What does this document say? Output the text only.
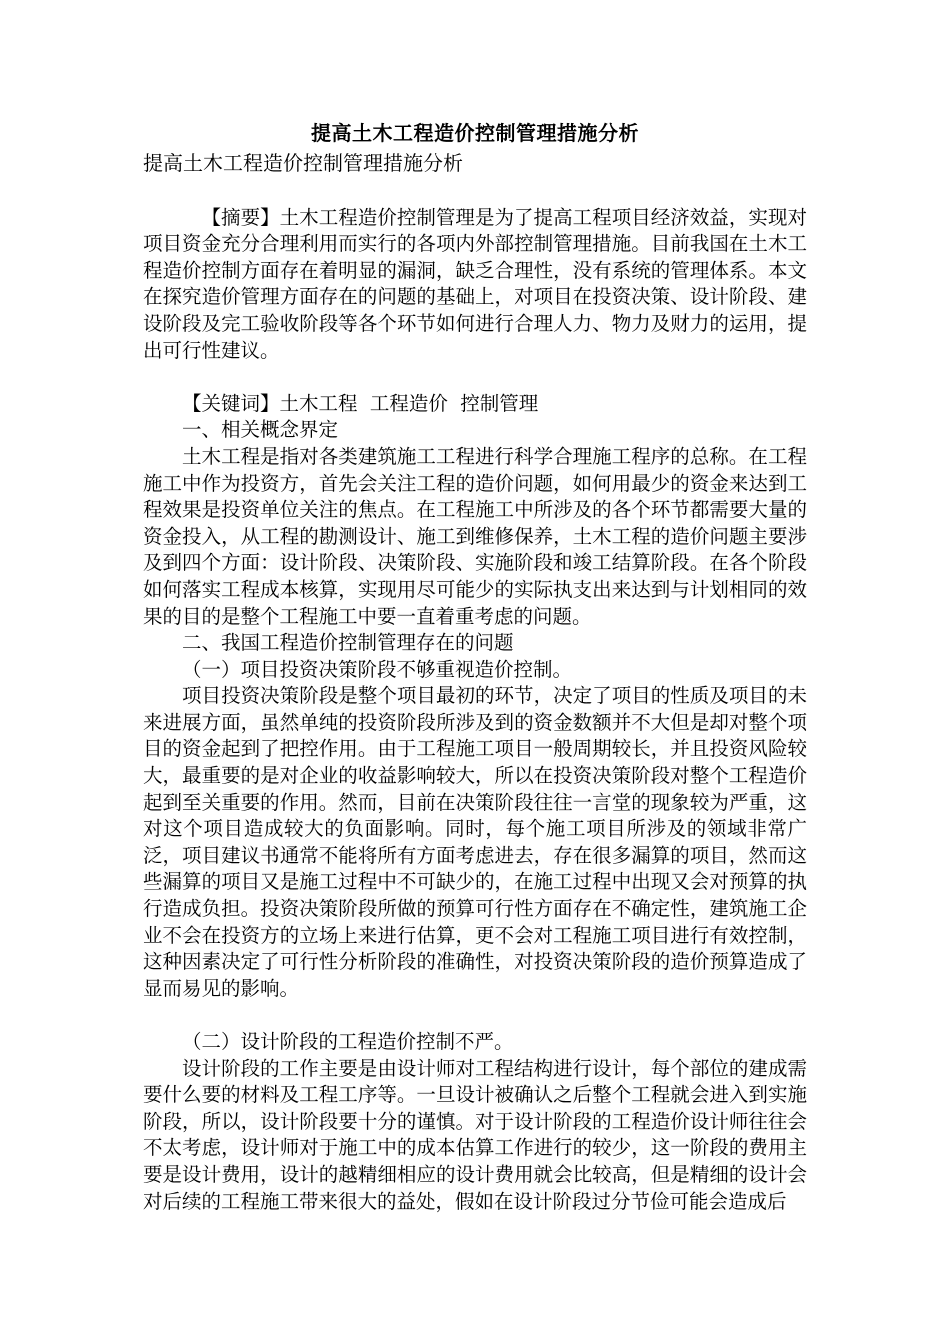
提高土木工程造价控制管理措施分析

提高土木工程造价控制管理措施分析

【摘要】土木工程造价控制管理是为了提高工程项目经济效益，实现对项目资金充分合理利用而实行的各项内外部控制管理措施。目前我国在土木工程造价控制方面存在着明显的漏洞，缺乏合理性，没有系统的管理体系。本文在探究造价管理方面存在的问题的基础上，对项目在投资决策、设计阶段、建设阶段及完工验收阶段等各个环节如何进行合理人力、物力及财力的运用，提出可行性建议。

【关键词】土木工程  工程造价  控制管理

一、相关概念界定

土木工程是指对各类建筑施工工程进行科学合理施工程序的总称。在工程施工中作为投资方，首先会关注工程的造价问题，如何用最少的资金来达到工程效果是投资单位关注的焦点。在工程施工中所涉及的各个环节都需要大量的资金投入，从工程的勘测设计、施工到维修保养，土木工程的造价问题主要涉及到四个方面：设计阶段、决策阶段、实施阶段和竣工结算阶段。在各个阶段如何落实工程成本核算，实现用尽可能少的实际执支出来达到与计划相同的效果的目的是整个工程施工中要一直着重考虑的问题。

二、我国工程造价控制管理存在的问题

（一）项目投资决策阶段不够重视造价控制。

项目投资决策阶段是整个项目最初的环节，决定了项目的性质及项目的未来进展方面，虽然单纯的投资阶段所涉及到的资金数额并不大但是却对整个项目的资金起到了把控作用。由于工程施工项目一般周期较长，并且投资风险较大，最重要的是对企业的收益影响较大，所以在投资决策阶段对整个工程造价起到至关重要的作用。然而，目前在决策阶段往往一言堂的现象较为严重，这对这个项目造成较大的负面影响。同时，每个施工项目所涉及的领域非常广泛，项目建议书通常不能将所有方面考虑进去，存在很多漏算的项目，然而这些漏算的项目又是施工过程中不可缺少的，在施工过程中出现又会对预算的执行造成负担。投资决策阶段所做的预算可行性方面存在不确定性，建筑施工企业不会在投资方的立场上来进行估算，更不会对工程施工项目进行有效控制，这种因素决定了可行性分析阶段的准确性，对投资决策阶段的造价预算造成了显而易见的影响。

（二）设计阶段的工程造价控制不严。

设计阶段的工作主要是由设计师对工程结构进行设计，每个部位的建成需要什么要的材料及工程工序等。一旦设计被确认之后整个工程就会进入到实施阶段，所以，设计阶段要十分的谨慎。对于设计阶段的工程造价设计师往往会不太考虑，设计师对于施工中的成本估算工作进行的较少，这一阶段的费用主要是设计费用，设计的越精细相应的设计费用就会比较高，但是精细的设计会对后续的工程施工带来很大的益处，假如在设计阶段过分节俭可能会造成后
